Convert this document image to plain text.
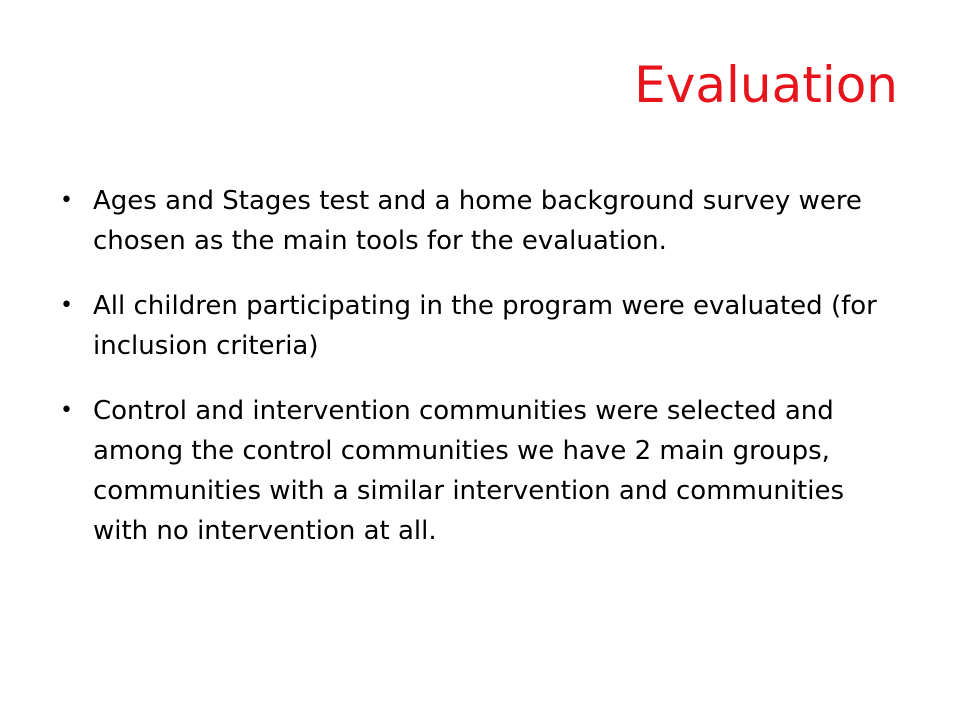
Evaluation
• Ages and Stages test and a home background survey were chosen as the main tools for the evaluation.
• All children participating in the program were evaluated (for inclusion criteria)
• Control and intervention communities were selected and among the control communities we have 2 main groups, communities with a similar intervention and communities with no intervention at all.
